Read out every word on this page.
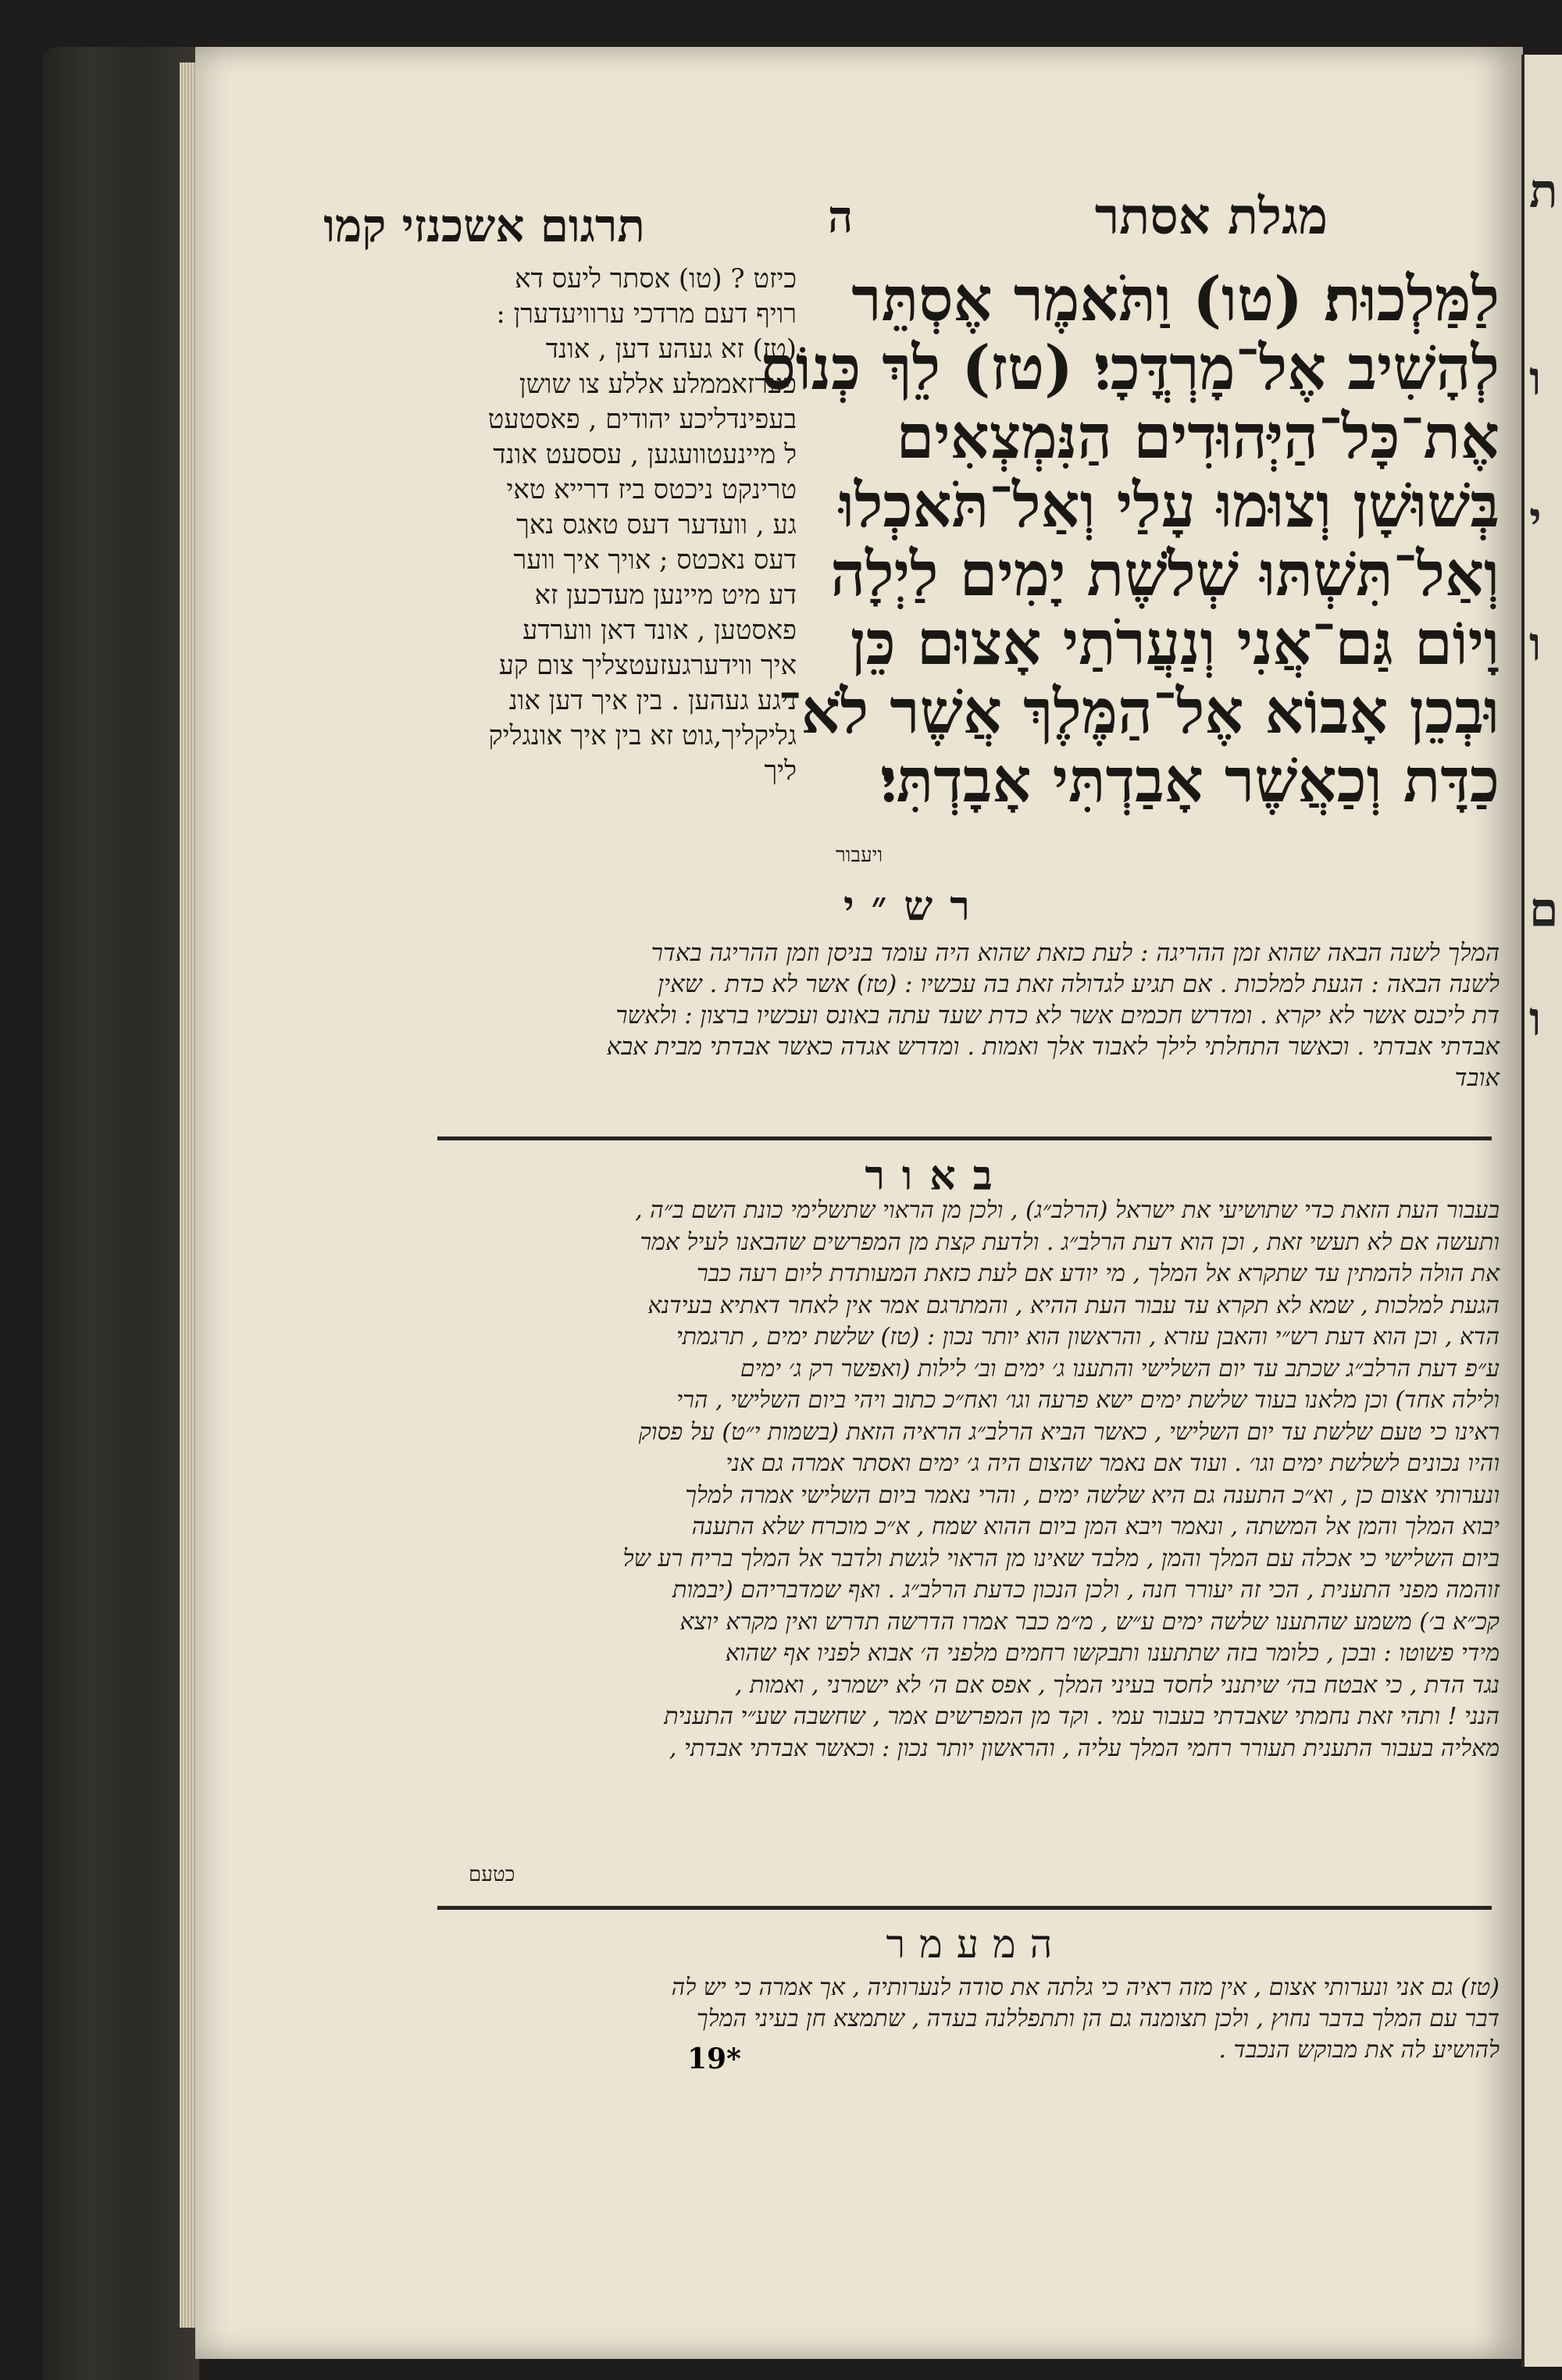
ת
ו
י
ו
ם
ו
מגלת אסתר
ה
תרגום אשכנזי קמו
לַמַּלְכוּת׃ (טו) וַתֹּאמֶר אֶסְתֵּר
לְהָשִׁיב אֶל־מָרְדֳּכָי׃ (טז) לֵךְ כְּנוֹס
אֶת־כָּל־הַיְּהוּדִים הַנִּמְצְאִים
בְּשׁוּשָׁן וְצוּמוּ עָלַי וְאַל־תֹּאכְלוּ
וְאַל־תִּשְׁתּוּ שְׁלֹשֶׁת יָמִים לַיְלָה
וָיוֹם גַּם־אֲנִי וְנַעֲרֹתַי אָצוּם כֵּן
וּבְכֵן אָבוֹא אֶל־הַמֶּלֶךְ אֲשֶׁר לֹא־
כַדָּת וְכַאֲשֶׁר אָבַדְתִּי אָבָדְתִּי׃
ויעבור
כיזט ? (טו) אסתר ליעס דא
רויף דעם מרדכי ערוויעדערן :
(טז) זא געהע דען , אונד
פערזאממלע אללע צו שושן
בעפינדליכע יהודים , פאסטעט
ל מיינעטוועגען , עססעט אונד
טרינקט ניכטס ביז דרייא טאי
גע , וועדער דעס טאגס נאך
דעס נאכטס ; אויך איך ווער
דע מיט מיינען מעדכען זא
פאסטען , אונד דאן ווערדע
איך ווידערגעזעטצליך צום קע
ניגע געהען . בין איך דען אונ
גליקליך,גוט זא בין איך אונגליק
ליך
רש״י
המלך לשנה הבאה שהוא זמן ההריגה : לעת כזאת שהוא היה עומד בניסן וזמן ההריגה באדר
לשנה הבאה : הגעת למלכות . אם תגיע לגדולה זאת בה עכשיו : (טז) אשר לא כדת . שאין
דת ליכנס אשר לא יקרא . ומדרש חכמים אשר לא כדת שעד עתה באונס ועכשיו ברצון : ולאשר
אבדתי אבדתי . וכאשר התחלתי לילך לאבוד אלך ואמות . ומדרש אגדה כאשר אבדתי מבית אבא
אובד
באור
בעבור העת הזאת כדי שתושיעי את ישראל (הרלב״ג) , ולכן מן הראוי שתשלימי כונת השם ב״ה ,
ותעשה אם לא תעשי זאת , וכן הוא דעת הרלב״ג . ולדעת קצת מן המפרשים שהבאנו לעיל אמר
את הולה להמתין עד שתקרא אל המלך , מי יודע אם לעת כזאת המעותדת ליום רעה כבר
הגעת למלכות , שמא לא תקרא עד עבור העת ההיא , והמתרגם אמר אין לאחר דאתיא בעידנא
הדא , וכן הוא דעת רש״י והאבן עזרא , והראשון הוא יותר נכון : (טז) שלשת ימים , תרגמתי
ע״פ דעת הרלב״ג שכתב עד יום השלישי והתענו ג׳ ימים וב׳ לילות (ואפשר רק ג׳ ימים
ולילה אחד) וכן מלאנו בעוד שלשת ימים ישא פרעה וגו׳ ואח״כ כתוב ויהי ביום השלישי , הרי
ראינו כי טעם שלשת עד יום השלישי , כאשר הביא הרלב״ג הראיה הזאת (בשמות י״ט) על פסוק
והיו נכונים לשלשת ימים וגו׳ . ועוד אם נאמר שהצום היה ג׳ ימים ואסתר אמרה גם אני
ונערותי אצום כן , וא״כ התענה גם היא שלשה ימים , והרי נאמר ביום השלישי אמרה למלך
יבוא המלך והמן אל המשתה , ונאמר ויבא המן ביום ההוא שמח , א״כ מוכרח שלא התענה
ביום השלישי כי אכלה עם המלך והמן , מלבד שאינו מן הראוי לגשת ולדבר אל המלך בריח רע של
זוהמה מפני התענית , הכי זה יעורר חנה , ולכן הנכון כדעת הרלב״ג . ואף שמדבריהם (יבמות
קכ״א ב׳) משמע שהתענו שלשה ימים ע״ש , מ״מ כבר אמרו הדרשה תדרש ואין מקרא יוצא
מידי פשוטו : ובכן , כלומר בזה שתתענו ותבקשו רחמים מלפני ה׳ אבוא לפניו אף שהוא
נגד הדת , כי אבטח בה׳ שיתנני לחסד בעיני המלך , אפס אם ה׳ לא ישמרני , ואמות ,
הנני ! ותהי זאת נחמתי שאבדתי בעבור עמי . וקד מן המפרשים אמר , שחשבה שע״י התענית
מאליה בעבור התענית תעורר רחמי המלך עליה , והראשון יותר נכון : וכאשר אבדתי אבדתי ,
כטעם
המעמר
(טז) גם אני ונערותי אצום , אין מזה ראיה כי גלתה את סודה לנערותיה , אך אמרה כי יש לה
דבר עם המלך בדבר נחוץ , ולכן תצומנה גם הן ותתפללנה בעדה , שתמצא חן בעיני המלך
להושיע לה את מבוקש הנכבד .
19*
